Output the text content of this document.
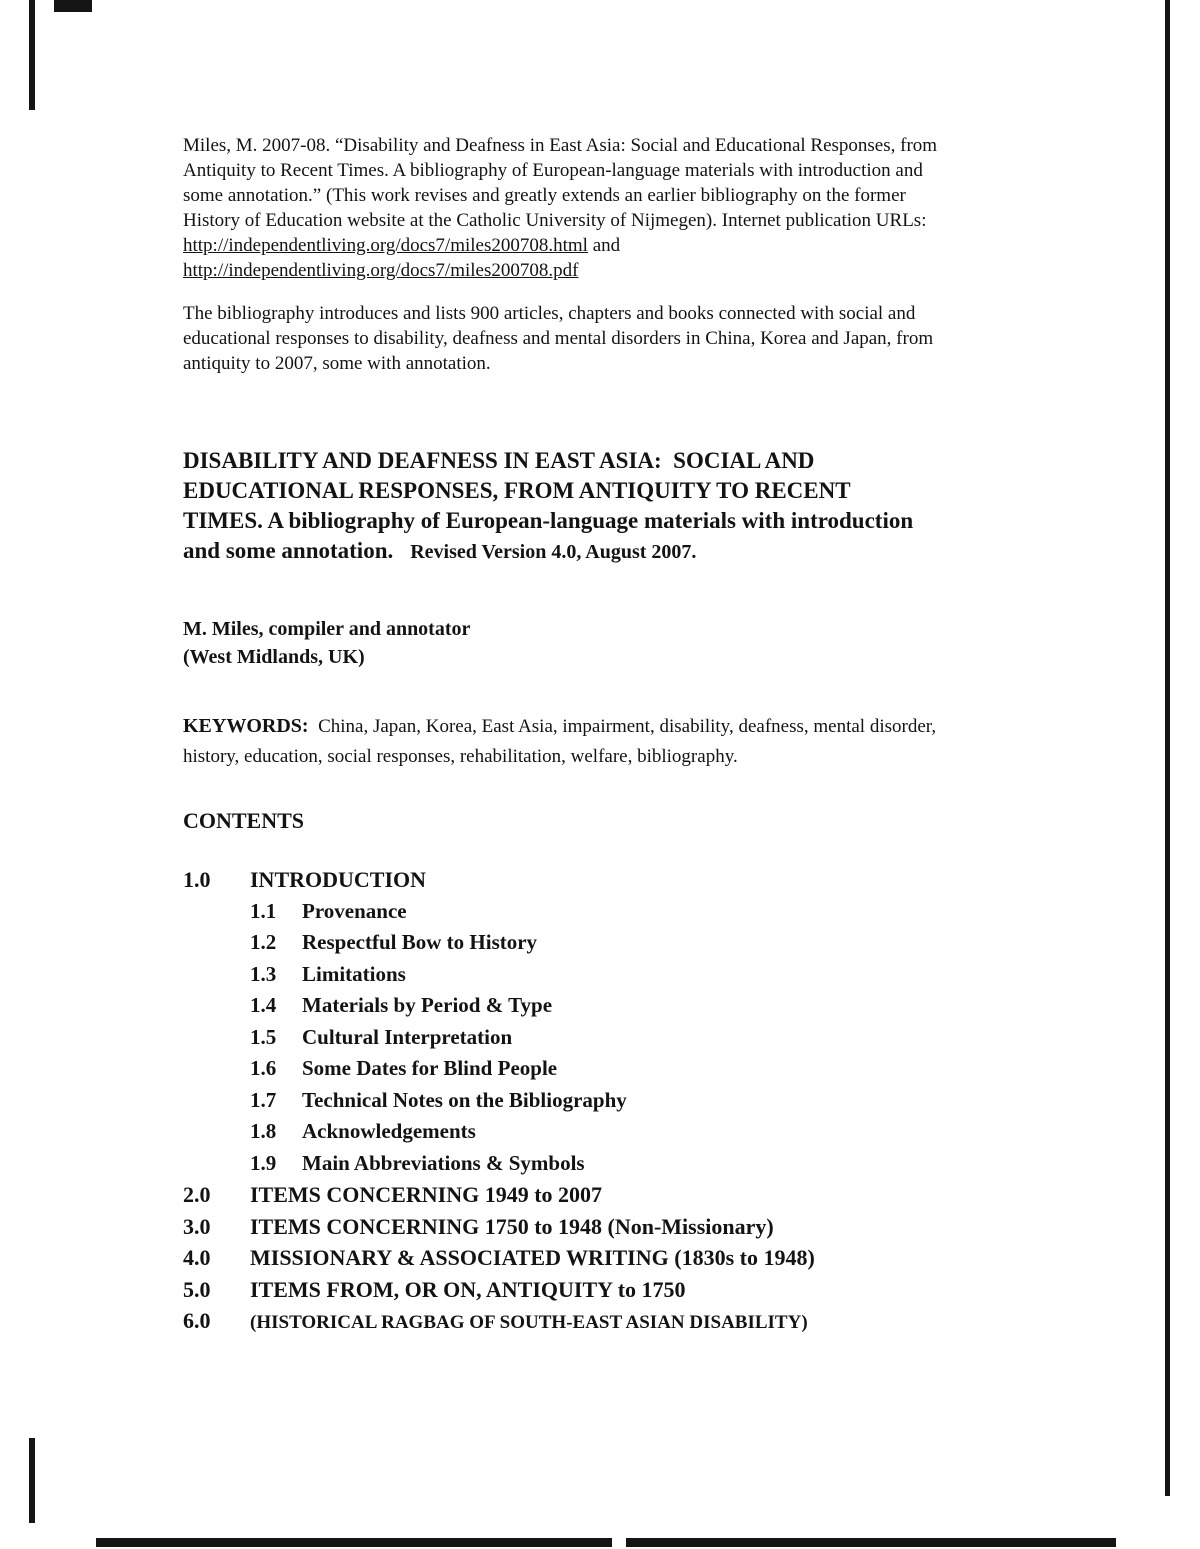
Miles, M. 2007-08. “Disability and Deafness in East Asia: Social and Educational Responses, from
Antiquity to Recent Times. A bibliography of European-language materials with introduction and
some annotation.” (This work revises and greatly extends an earlier bibliography on the former
History of Education website at the Catholic University of Nijmegen). Internet publication URLs:
http://independentliving.org/docs7/miles200708.html and
http://independentliving.org/docs7/miles200708.pdf
The bibliography introduces and lists 900 articles, chapters and books connected with social and
educational responses to disability, deafness and mental disorders in China, Korea and Japan, from
antiquity to 2007, some with annotation.
DISABILITY AND DEAFNESS IN EAST ASIA:  SOCIAL AND
EDUCATIONAL RESPONSES, FROM ANTIQUITY TO RECENT
TIMES. A bibliography of European-language materials with introduction
and some annotation. Revised Version 4.0, August 2007.
M. Miles, compiler and annotator
(West Midlands, UK)
KEYWORDS:  China, Japan, Korea, East Asia, impairment, disability, deafness, mental disorder,
history, education, social responses, rehabilitation, welfare, bibliography.
CONTENTS
1.0 INTRODUCTION
1.1 Provenance
1.2 Respectful Bow to History
1.3 Limitations
1.4 Materials by Period & Type
1.5 Cultural Interpretation
1.6 Some Dates for Blind People
1.7 Technical Notes on the Bibliography
1.8 Acknowledgements
1.9 Main Abbreviations & Symbols
2.0 ITEMS CONCERNING 1949 to 2007
3.0 ITEMS CONCERNING 1750 to 1948 (Non-Missionary)
4.0 MISSIONARY & ASSOCIATED WRITING (1830s to 1948)
5.0 ITEMS FROM, OR ON, ANTIQUITY to 1750
6.0 (HISTORICAL RAGBAG OF SOUTH-EAST ASIAN DISABILITY)
